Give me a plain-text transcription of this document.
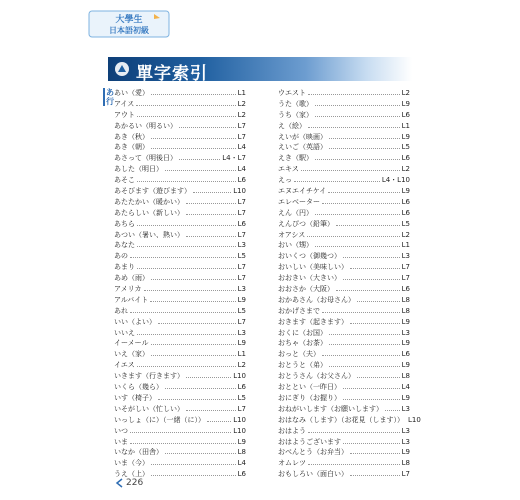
大學生
日本語初級
單字索引
あ行
あい（愛）	L1
アイス	L2
アウト	L2
あかるい（明るい）	L7
あき（秋）	L7
あき（朝）	L4
あさって（明後日）	L4・L7
あした（明日）	L4
あそこ	L6
あそびます（遊びます）	L10
あたたかい（暖かい）	L7
あたらしい（新しい）	L7
あちら	L6
あつい（暑い、熱い）	L7
あなた	L3
あの	L5
あまり	L7
あめ（雨）	L7
アメリカ	L3
アルバイト	L9
あれ	L5
いい（よい）	L7
いいえ	L3
イーメール	L9
いえ（家）	L1
イエス	L2
いきます（行きます）	L10
いくら（幾ら）	L6
いす（椅子）	L5
いそがしい（忙しい）	L7
いっしょ（に）（一緒（に））	L10
いつ	L10
いま	L9
いなか（田舎）	L8
いま（今）	L4
うえ（上）	L6
ウエスト	L2
うた（歌）	L9
うち（家）	L6
え（絵）	L1
えいが（映画）	L9
えいご（英語）	L5
えき（駅）	L6
エキス	L2
えっ	L4・L10
エヌエイチケイ	L9
エレベーター	L6
えん（円）	L6
えんぴつ（鉛筆）	L5
オアシス	L2
おい（甥）	L1
おいくつ（御幾つ）	L3
おいしい（美味しい）	L7
おおきい（大きい）	L7
おおさか（大阪）	L6
おかあさん（お母さん）	L8
おかげさまで	L8
おきます（起きます）	L9
おくに（お国）	L3
おちゃ（お茶）	L9
おっと（夫）	L6
おとうと（弟）	L9
おとうさん（お父さん）	L8
おととい（一昨日）	L4
おにぎり（お握り）	L9
おねがいします（お願いします）	L3
おはなみ（します）（お花見（します）） L10
おはよう	L3
おはようございます	L3
おべんとう（お弁当）	L9
オムレツ	L8
おもしろい（面白い）	L7
226
